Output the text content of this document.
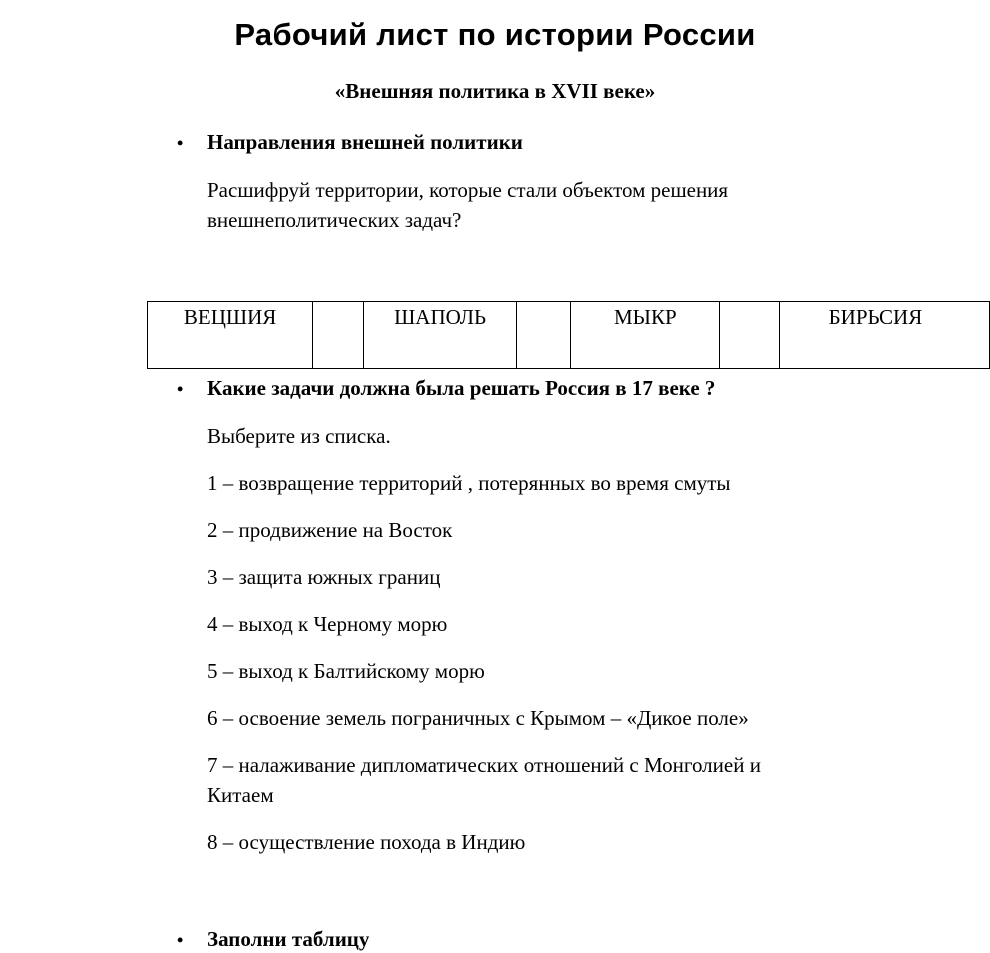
Рабочий лист по истории России
«Внешняя политика в XVII веке»
• Направления внешней политики
Расшифруй территории, которые стали объектом решения внешнеполитических задач?
ВЕЦШИЯ		ШАПОЛЬ		МЫКР		БИРЬСИЯ
• Какие задачи должна была решать Россия в 17 веке ?
Выберите из списка.
1 – возвращение территорий , потерянных во время смуты
2 – продвижение на Восток
3 – защита южных границ
4 – выход к Черному морю
5 – выход к Балтийскому морю
6 – освоение земель пограничных с Крымом – «Дикое поле»
7 – налаживание дипломатических отношений с Монголией и Китаем
8 – осуществление похода в Индию
• Заполни таблицу
